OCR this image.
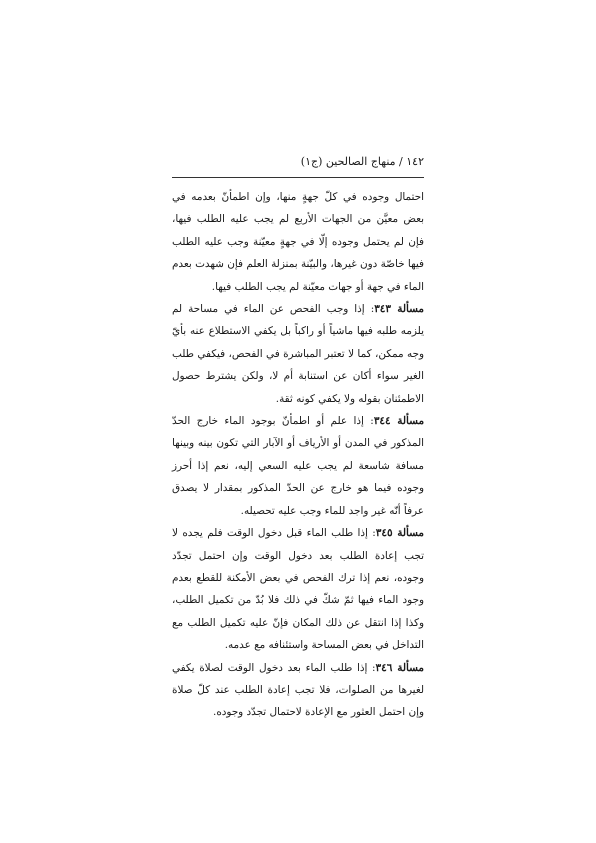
١٤٢ / منهاج الصالحين (ج١)

احتمال وجوده في كلّ جهةٍ منها، وإن اطمأنّ بعدمه في بعض معيَّن من الجهات الأربع لم يجب عليه الطلب فيها، فإن لم يحتمل وجوده إلّا في جهةٍ معيّنة وجب عليه الطلب فيها خاصّة دون غيرها، والبيّنة بمنزلة العلم فإن شهدت بعدم الماء في جهة أو جهات معيّنة لم يجب الطلب فيها.

مسألة ٣٤٣: إذا وجب الفحص عن الماء في مساحة لم يلزمه طلبه فيها ماشياً أو راكباً بل يكفي الاستطلاع عنه بأيّ وجه ممكن، كما لا تعتبر المباشرة في الفحص، فيكفي طلب الغير سواء أكان عن استنابة أم لا، ولكن يشترط حصول الاطمئنان بقوله ولا يكفي كونه ثقة.

مسألة ٣٤٤: إذا علم أو اطمأنّ بوجود الماء خارج الحدّ المذكور في المدن أو الأرياف أو الآبار التي تكون بينه وبينها مسافة شاسعة لم يجب عليه السعي إليه، نعم إذا أحرز وجوده فيما هو خارج عن الحدّ المذكور بمقدار لا يصدق عرفاً أنّه غير واجد للماء وجب عليه تحصيله.

مسألة ٣٤٥: إذا طلب الماء قبل دخول الوقت فلم يجده لا تجب إعادة الطلب بعد دخول الوقت وإن احتمل تجدّد وجوده، نعم إذا ترك الفحص في بعض الأمكنة للقطع بعدم وجود الماء فيها ثمّ شكّ في ذلك فلا بُدّ من تكميل الطلب، وكذا إذا انتقل عن ذلك المكان فإنّ عليه تكميل الطلب مع التداخل في بعض المساحة واستئنافه مع عدمه.

مسألة ٣٤٦: إذا طلب الماء بعد دخول الوقت لصلاة يكفي لغيرها من الصلوات، فلا تجب إعادة الطلب عند كلّ صلاة وإن احتمل العثور مع الإعادة لاحتمال تجدّد وجوده.
